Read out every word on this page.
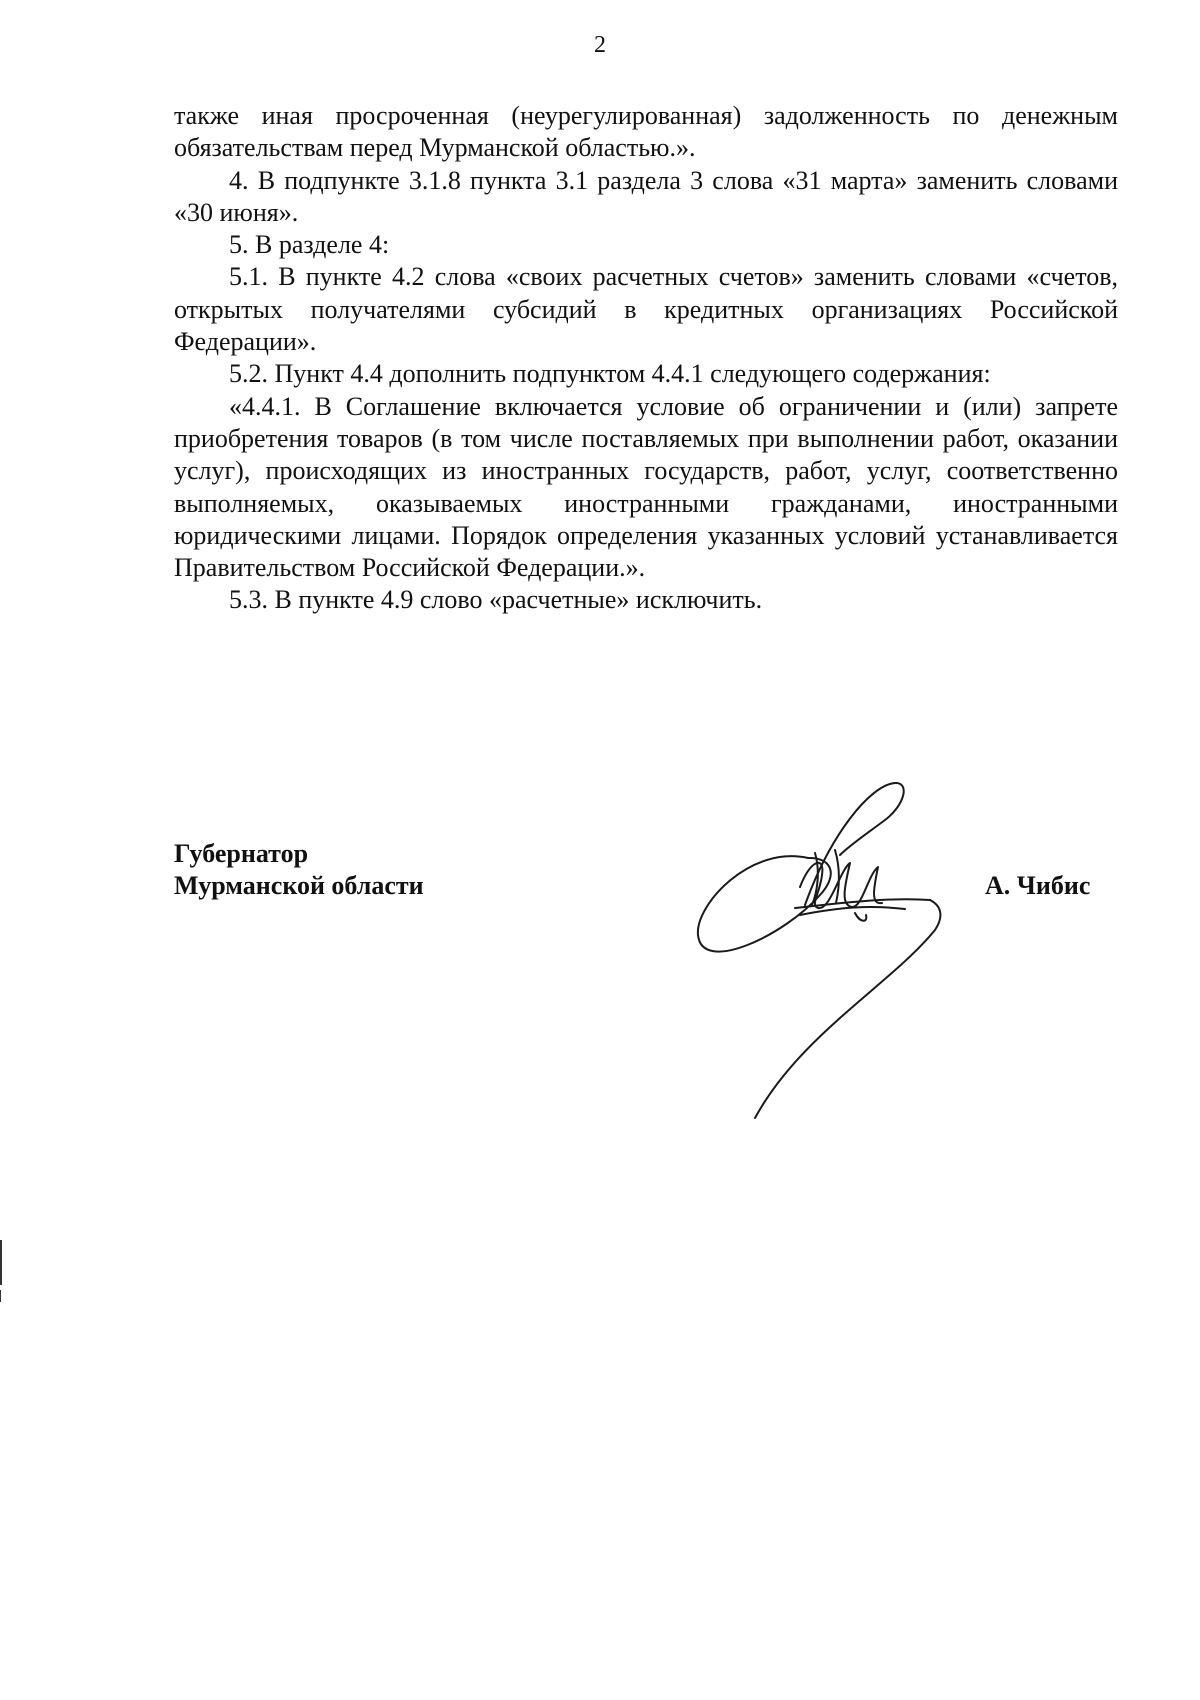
2

также иная просроченная (неурегулированная) задолженность по денежным обязательствам перед Мурманской областью.».

4. В подпункте 3.1.8 пункта 3.1 раздела 3 слова «31 марта» заменить словами «30 июня».

5. В разделе 4:

5.1. В пункте 4.2 слова «своих расчетных счетов» заменить словами «счетов, открытых получателями субсидий в кредитных организациях Российской Федерации».

5.2. Пункт 4.4 дополнить подпунктом 4.4.1 следующего содержания:

«4.4.1. В Соглашение включается условие об ограничении и (или) запрете приобретения товаров (в том числе поставляемых при выполнении работ, оказании услуг), происходящих из иностранных государств, работ, услуг, соответственно выполняемых, оказываемых иностранными гражданами, иностранными юридическими лицами. Порядок определения указанных условий устанавливается Правительством Российской Федерации.».

5.3. В пункте 4.9 слово «расчетные» исключить.

Губернатор
Мурманской области	А. Чибис
